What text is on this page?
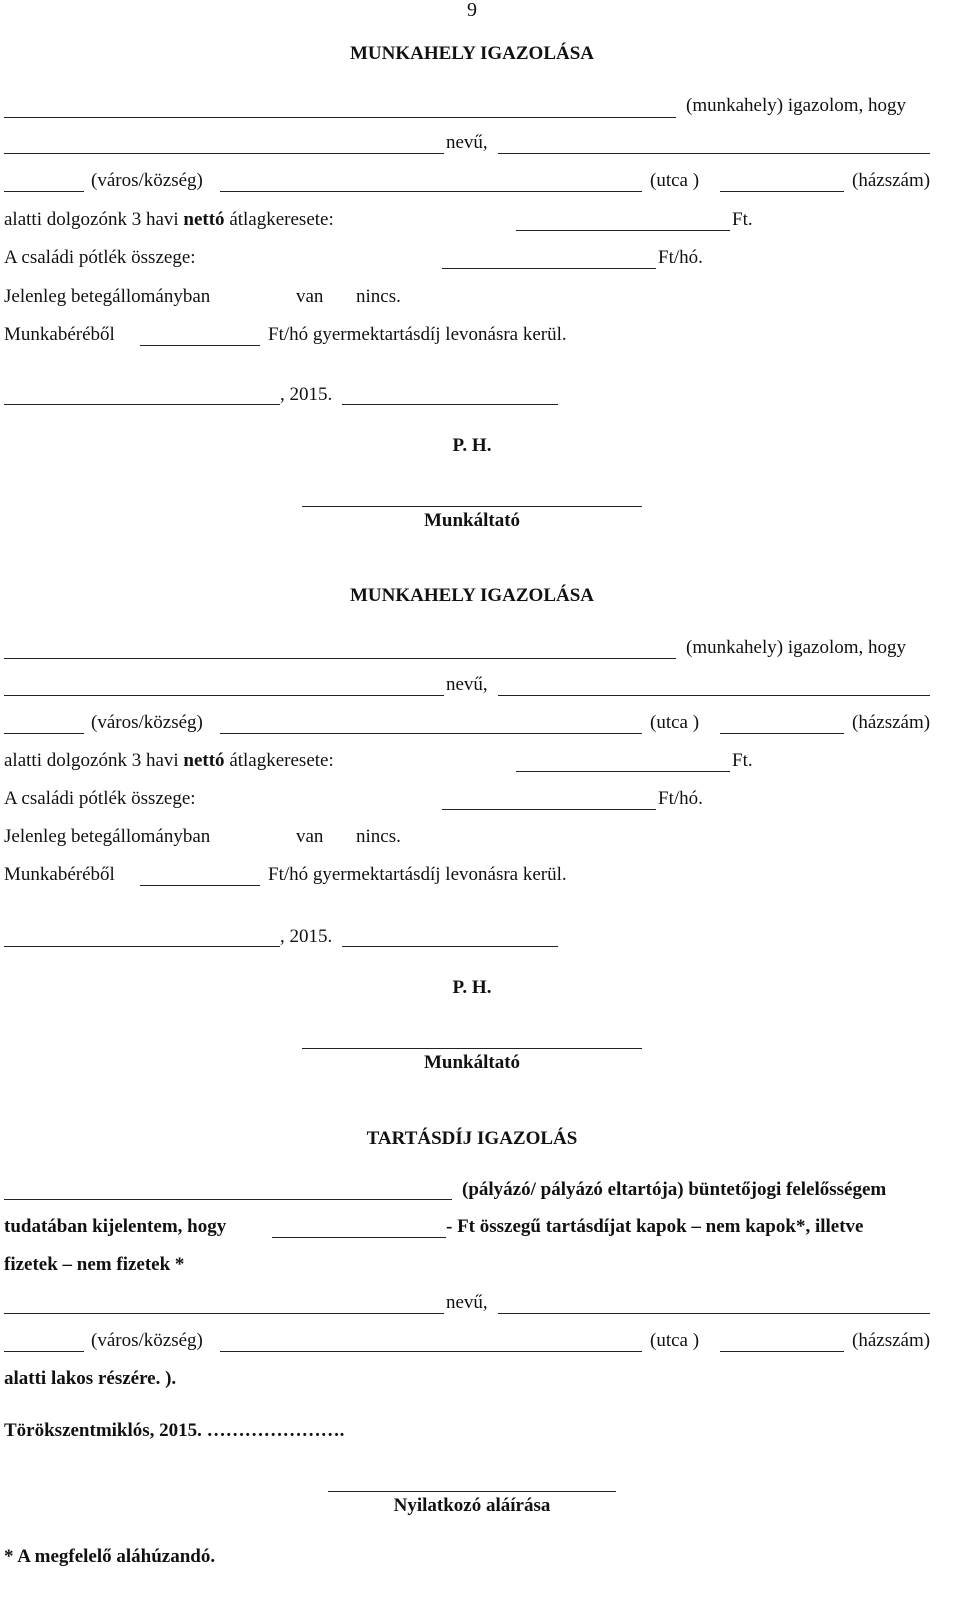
9
MUNKAHELY IGAZOLÁSA
(munkahely) igazolom, hogy
nevű,
(város/község)	(utca )	(házszám)
alatti dolgozónk 3 havi nettó átlagkeresete:	Ft.
A családi pótlék összege:	Ft/hó.
Jelenleg betegállományban	van nincs.
Munkabéréből	Ft/hó gyermektartásdíj levonásra kerül.
, 2015.
P. H.
Munkáltató
MUNKAHELY IGAZOLÁSA
(munkahely) igazolom, hogy
nevű,
(város/község)	(utca )	(házszám)
alatti dolgozónk 3 havi nettó átlagkeresete:	Ft.
A családi pótlék összege:	Ft/hó.
Jelenleg betegállományban	van nincs.
Munkabéréből	Ft/hó gyermektartásdíj levonásra kerül.
, 2015.
P. H.
Munkáltató
TARTÁSDÍJ IGAZOLÁS
(pályázó/ pályázó eltartója) büntetőjogi felelősségem
tudatában kijelentem, hogy	- Ft összegű tartásdíjat kapok – nem kapok*, illetve
fizetek – nem fizetek *
nevű,
(város/község)	(utca )	(házszám)
alatti lakos részére. ).
Törökszentmiklós, 2015. ………………….
Nyilatkozó aláírása
* A megfelelő aláhúzandó.
